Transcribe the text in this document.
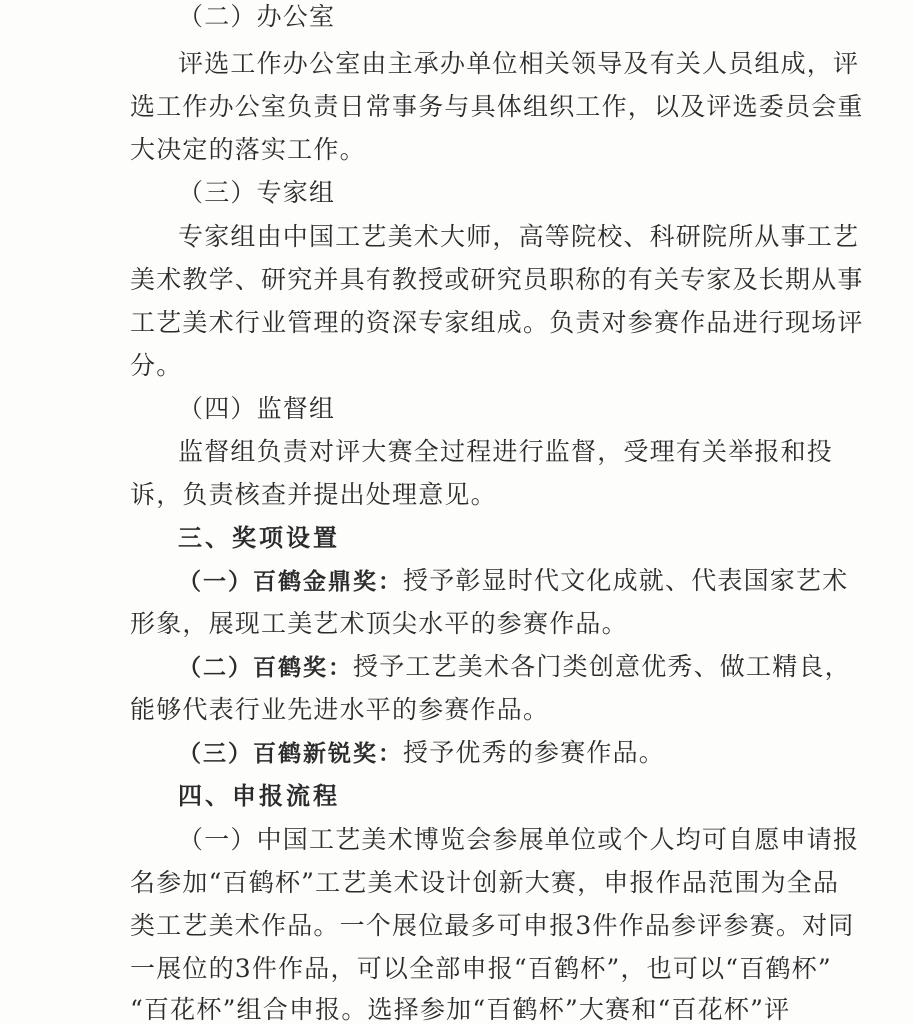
（二）办公室
评选工作办公室由主承办单位相关领导及有关人员组成，评
选工作办公室负责日常事务与具体组织工作，以及评选委员会重
大决定的落实工作。
（三）专家组
专家组由中国工艺美术大师，高等院校、科研院所从事工艺
美术教学、研究并具有教授或研究员职称的有关专家及长期从事
工艺美术行业管理的资深专家组成。负责对参赛作品进行现场评
分。
（四）监督组
监督组负责对评大赛全过程进行监督，受理有关举报和投
诉，负责核查并提出处理意见。
三、奖项设置
（一）百鹤金鼎奖：授予彰显时代文化成就、代表国家艺术
形象，展现工美艺术顶尖水平的参赛作品。
（二）百鹤奖：授予工艺美术各门类创意优秀、做工精良，
能够代表行业先进水平的参赛作品。
（三）百鹤新锐奖：授予优秀的参赛作品。
四、申报流程
（一）中国工艺美术博览会参展单位或个人均可自愿申请报
名参加“百鹤杯”工艺美术设计创新大赛，申报作品范围为全品
类工艺美术作品。一个展位最多可申报3件作品参评参赛。对同
一展位的3件作品，可以全部申报“百鹤杯”，也可以“百鹤杯”
“百花杯”组合申报。选择参加“百鹤杯”大赛和“百花杯”评
